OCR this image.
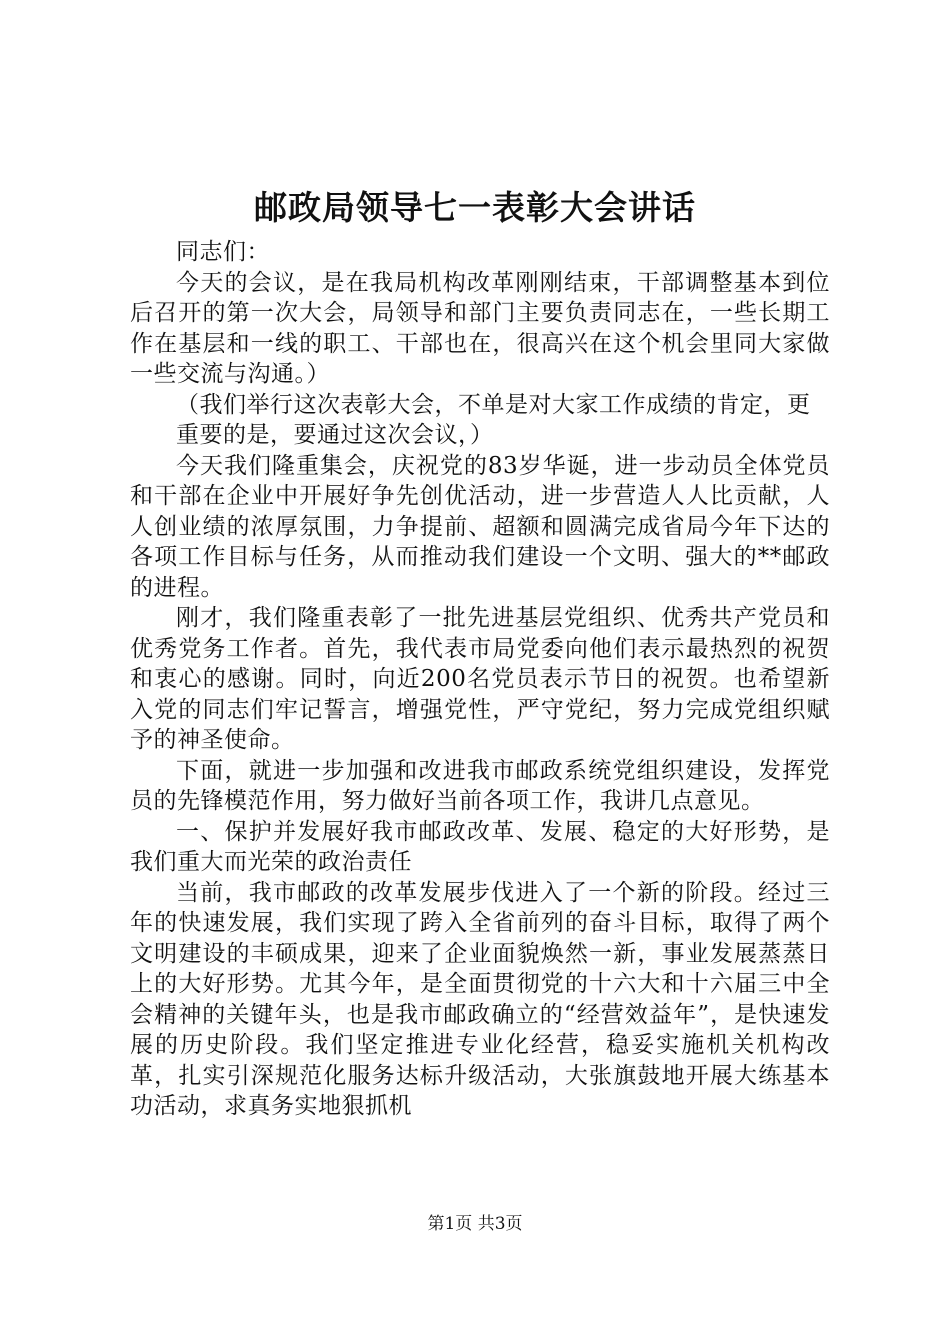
邮政局领导七一表彰大会讲话

同志们：

今天的会议，是在我局机构改革刚刚结束，干部调整基本到位后召开的第一次大会，局领导和部门主要负责同志在，一些长期工作在基层和一线的职工、干部也在，很高兴在这个机会里同大家做一些交流与沟通。）

（我们举行这次表彰大会，不单是对大家工作成绩的肯定，更

重要的是，要通过这次会议，）

今天我们隆重集会，庆祝党的83岁华诞，进一步动员全体党员和干部在企业中开展好争先创优活动，进一步营造人人比贡献，人人创业绩的浓厚氛围，力争提前、超额和圆满完成省局今年下达的各项工作目标与任务，从而推动我们建设一个文明、强大的**邮政的进程。

刚才，我们隆重表彰了一批先进基层党组织、优秀共产党员和优秀党务工作者。首先，我代表市局党委向他们表示最热烈的祝贺和衷心的感谢。同时，向近200名党员表示节日的祝贺。也希望新入党的同志们牢记誓言，增强党性，严守党纪，努力完成党组织赋予的神圣使命。

下面，就进一步加强和改进我市邮政系统党组织建设，发挥党员的先锋模范作用，努力做好当前各项工作，我讲几点意见。

一、保护并发展好我市邮政改革、发展、稳定的大好形势，是我们重大而光荣的政治责任

当前，我市邮政的改革发展步伐进入了一个新的阶段。经过三年的快速发展，我们实现了跨入全省前列的奋斗目标，取得了两个文明建设的丰硕成果，迎来了企业面貌焕然一新，事业发展蒸蒸日上的大好形势。尤其今年，是全面贯彻党的十六大和十六届三中全会精神的关键年头，也是我市邮政确立的“经营效益年”，是快速发展的历史阶段。我们坚定推进专业化经营，稳妥实施机关机构改革，扎实引深规范化服务达标升级活动，大张旗鼓地开展大练基本功活动，求真务实地狠抓机

第1页 共3页
